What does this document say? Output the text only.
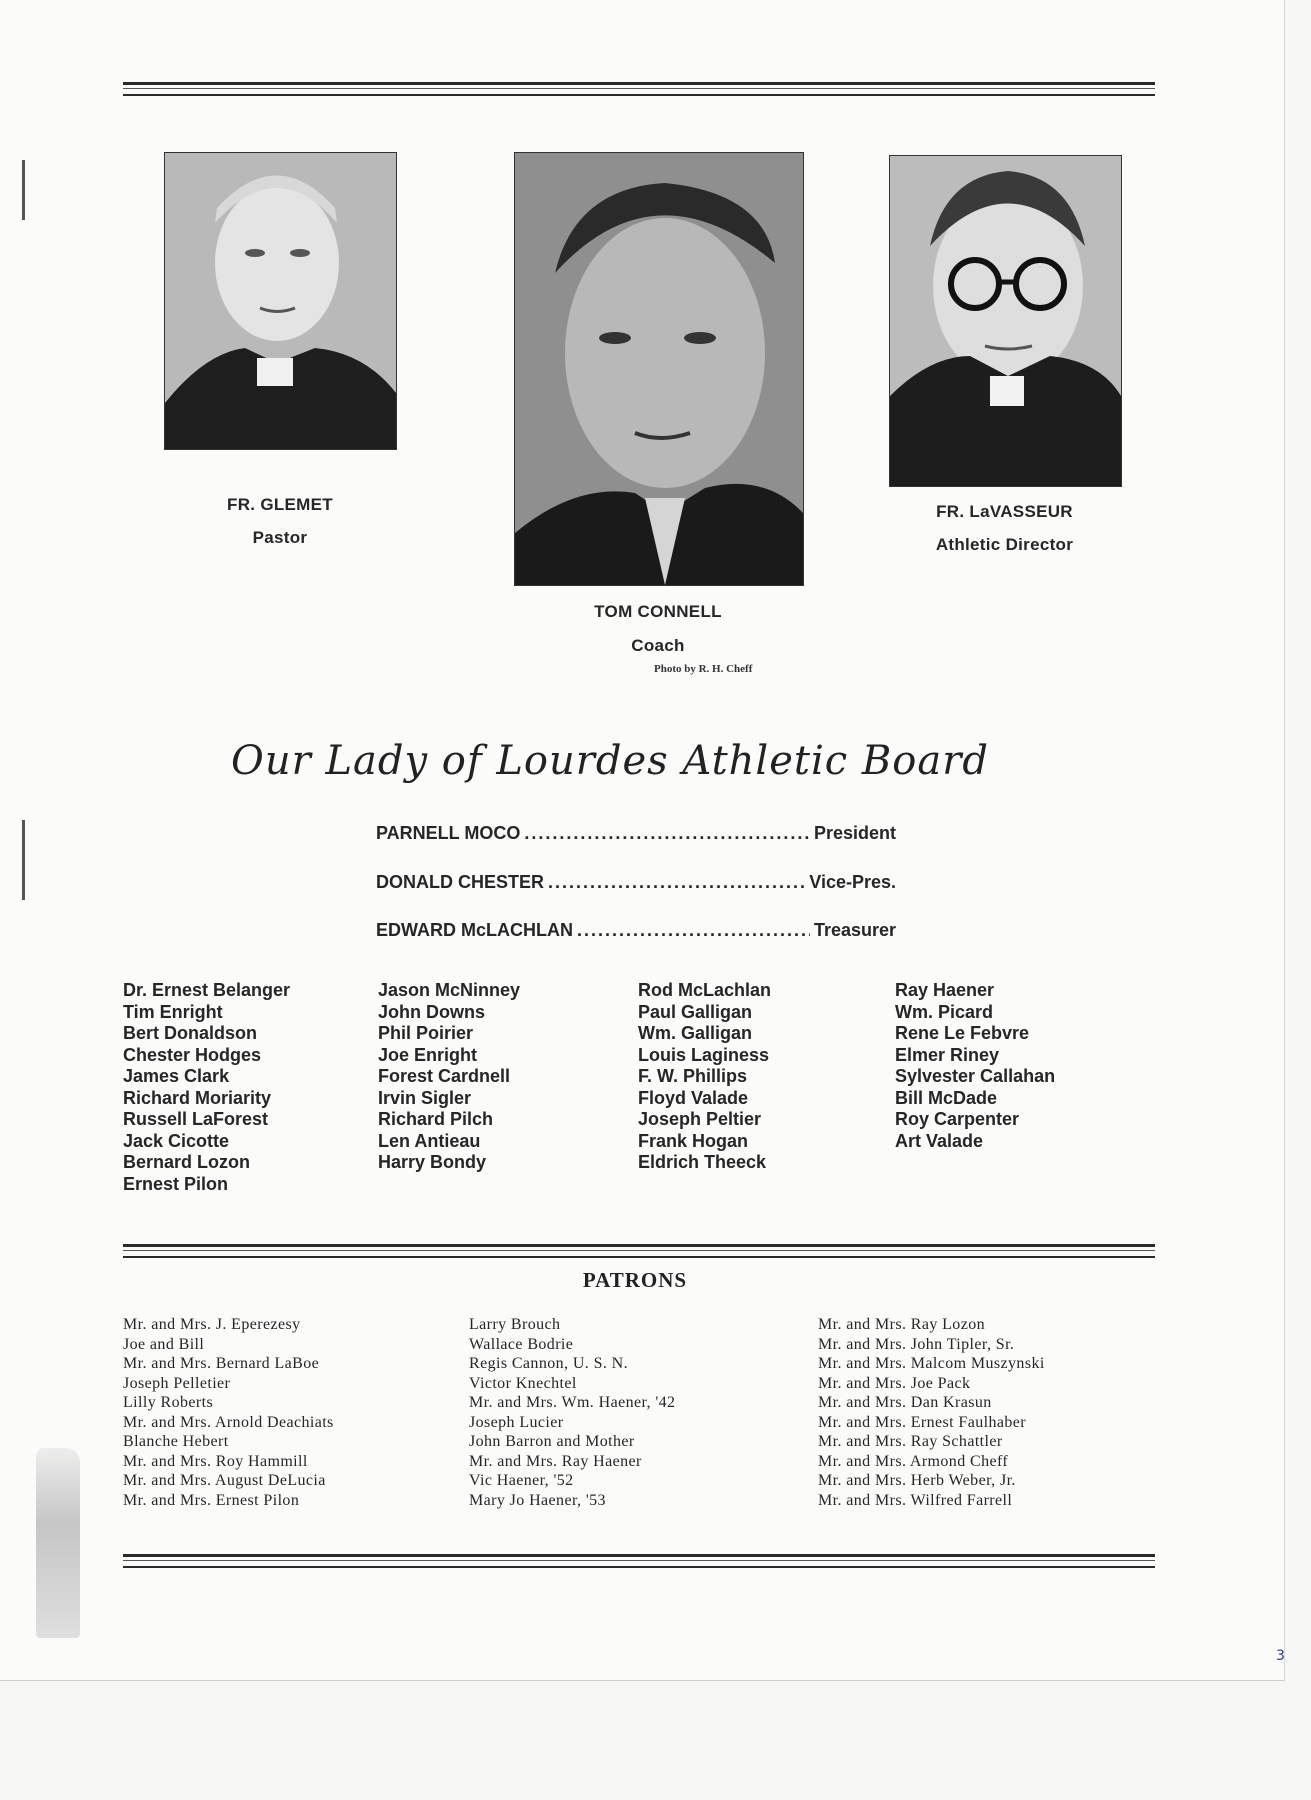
FR. GLEMET
Pastor
TOM CONNELL
Coach
Photo by R. H. Cheff
FR. LaVASSEUR
Athletic Director
Our Lady of Lourdes Athletic Board
PARNELL MOCO .....	President
DONALD CHESTER .....	Vice-Pres.
EDWARD McLACHLAN .....	Treasurer
Dr. Ernest Belanger
Tim Enright
Bert Donaldson
Chester Hodges
James Clark
Richard Moriarity
Russell LaForest
Jack Cicotte
Bernard Lozon
Ernest Pilon
Jason McNinney
John Downs
Phil Poirier
Joe Enright
Forest Cardnell
Irvin Sigler
Richard Pilch
Len Antieau
Harry Bondy
Rod McLachlan
Paul Galligan
Wm. Galligan
Louis Laginess
F. W. Phillips
Floyd Valade
Joseph Peltier
Frank Hogan
Eldrich Theeck
Ray Haener
Wm. Picard
Rene Le Febvre
Elmer Riney
Sylvester Callahan
Bill McDade
Roy Carpenter
Art Valade
PATRONS
Mr. and Mrs. J. Eperezesy
Joe and Bill
Mr. and Mrs. Bernard LaBoe
Joseph Pelletier
Lilly Roberts
Mr. and Mrs. Arnold Deachiats
Blanche Hebert
Mr. and Mrs. Roy Hammill
Mr. and Mrs. August DeLucia
Mr. and Mrs. Ernest Pilon
Larry Brouch
Wallace Bodrie
Regis Cannon, U. S. N.
Victor Knechtel
Mr. and Mrs. Wm. Haener, '42
Joseph Lucier
John Barron and Mother
Mr. and Mrs. Ray Haener
Vic Haener, '52
Mary Jo Haener, '53
Mr. and Mrs. Ray Lozon
Mr. and Mrs. John Tipler, Sr.
Mr. and Mrs. Malcom Muszynski
Mr. and Mrs. Joe Pack
Mr. and Mrs. Dan Krasun
Mr. and Mrs. Ernest Faulhaber
Mr. and Mrs. Ray Schattler
Mr. and Mrs. Armond Cheff
Mr. and Mrs. Herb Weber, Jr.
Mr. and Mrs. Wilfred Farrell
3
